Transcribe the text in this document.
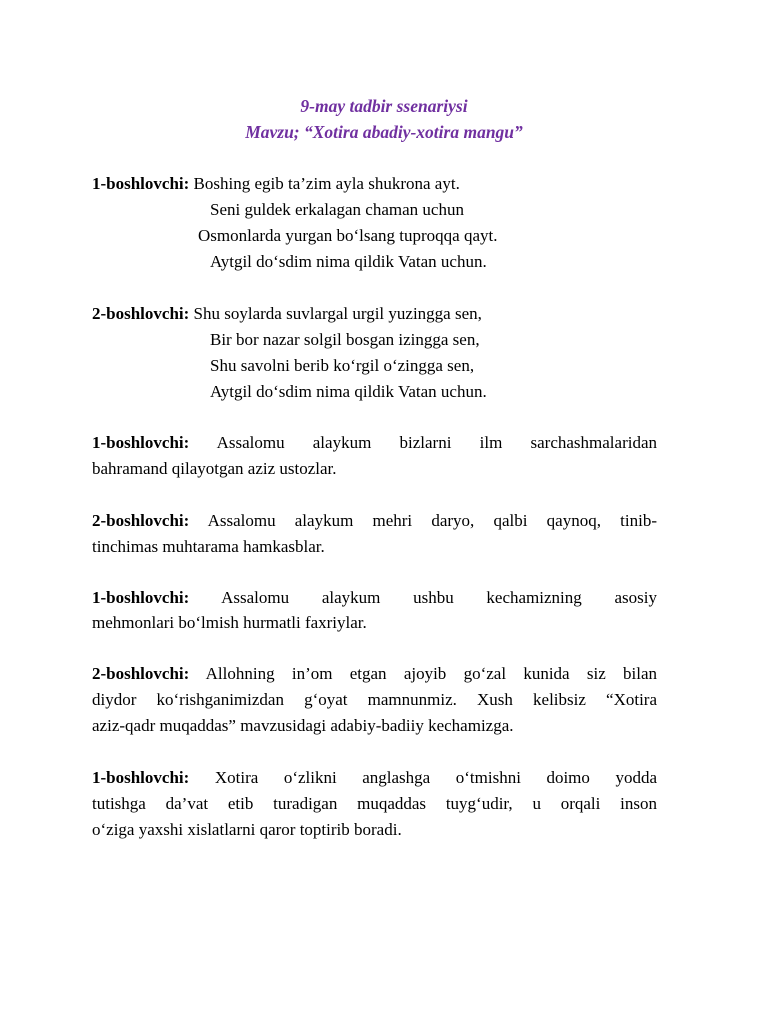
9-may tadbir ssenariysi
Mavzu; “Xotira abadiy-xotira mangu”
1-boshlovchi: Boshing egib ta’zim ayla shukrona ayt.
Seni guldek erkalagan chaman uchun
Osmonlarda yurgan bo‘lsang tuproqqa qayt.
Aytgil do‘sdim nima qildik Vatan uchun.
2-boshlovchi: Shu soylarda suvlargal urgil yuzingga sen,
Bir bor nazar solgil bosgan izingga sen,
Shu savolni berib ko‘rgil o‘zingga sen,
Aytgil do‘sdim nima qildik Vatan uchun.
1-boshlovchi: Assalomu alaykum bizlarni ilm sarchashmalaridan
bahramand qilayotgan aziz ustozlar.
2-boshlovchi: Assalomu alaykum mehri daryo, qalbi qaynoq, tinib-
tinchimas muhtarama hamkasblar.
1-boshlovchi: Assalomu alaykum ushbu kechamizning asosiy
mehmonlari bo‘lmish hurmatli faxriylar.
2-boshlovchi: Allohning in’om etgan ajoyib go‘zal kunida siz bilan
diydor ko‘rishganimizdan g‘oyat mamnunmiz. Xush kelibsiz “Xotira
aziz-qadr muqaddas” mavzusidagi adabiy-badiiy kechamizga.
1-boshlovchi: Xotira o‘zlikni anglashga o‘tmishni doimo yodda
tutishga da’vat etib turadigan muqaddas tuyg‘udir, u orqali inson
o‘ziga yaxshi xislatlarni qaror toptirib boradi.
